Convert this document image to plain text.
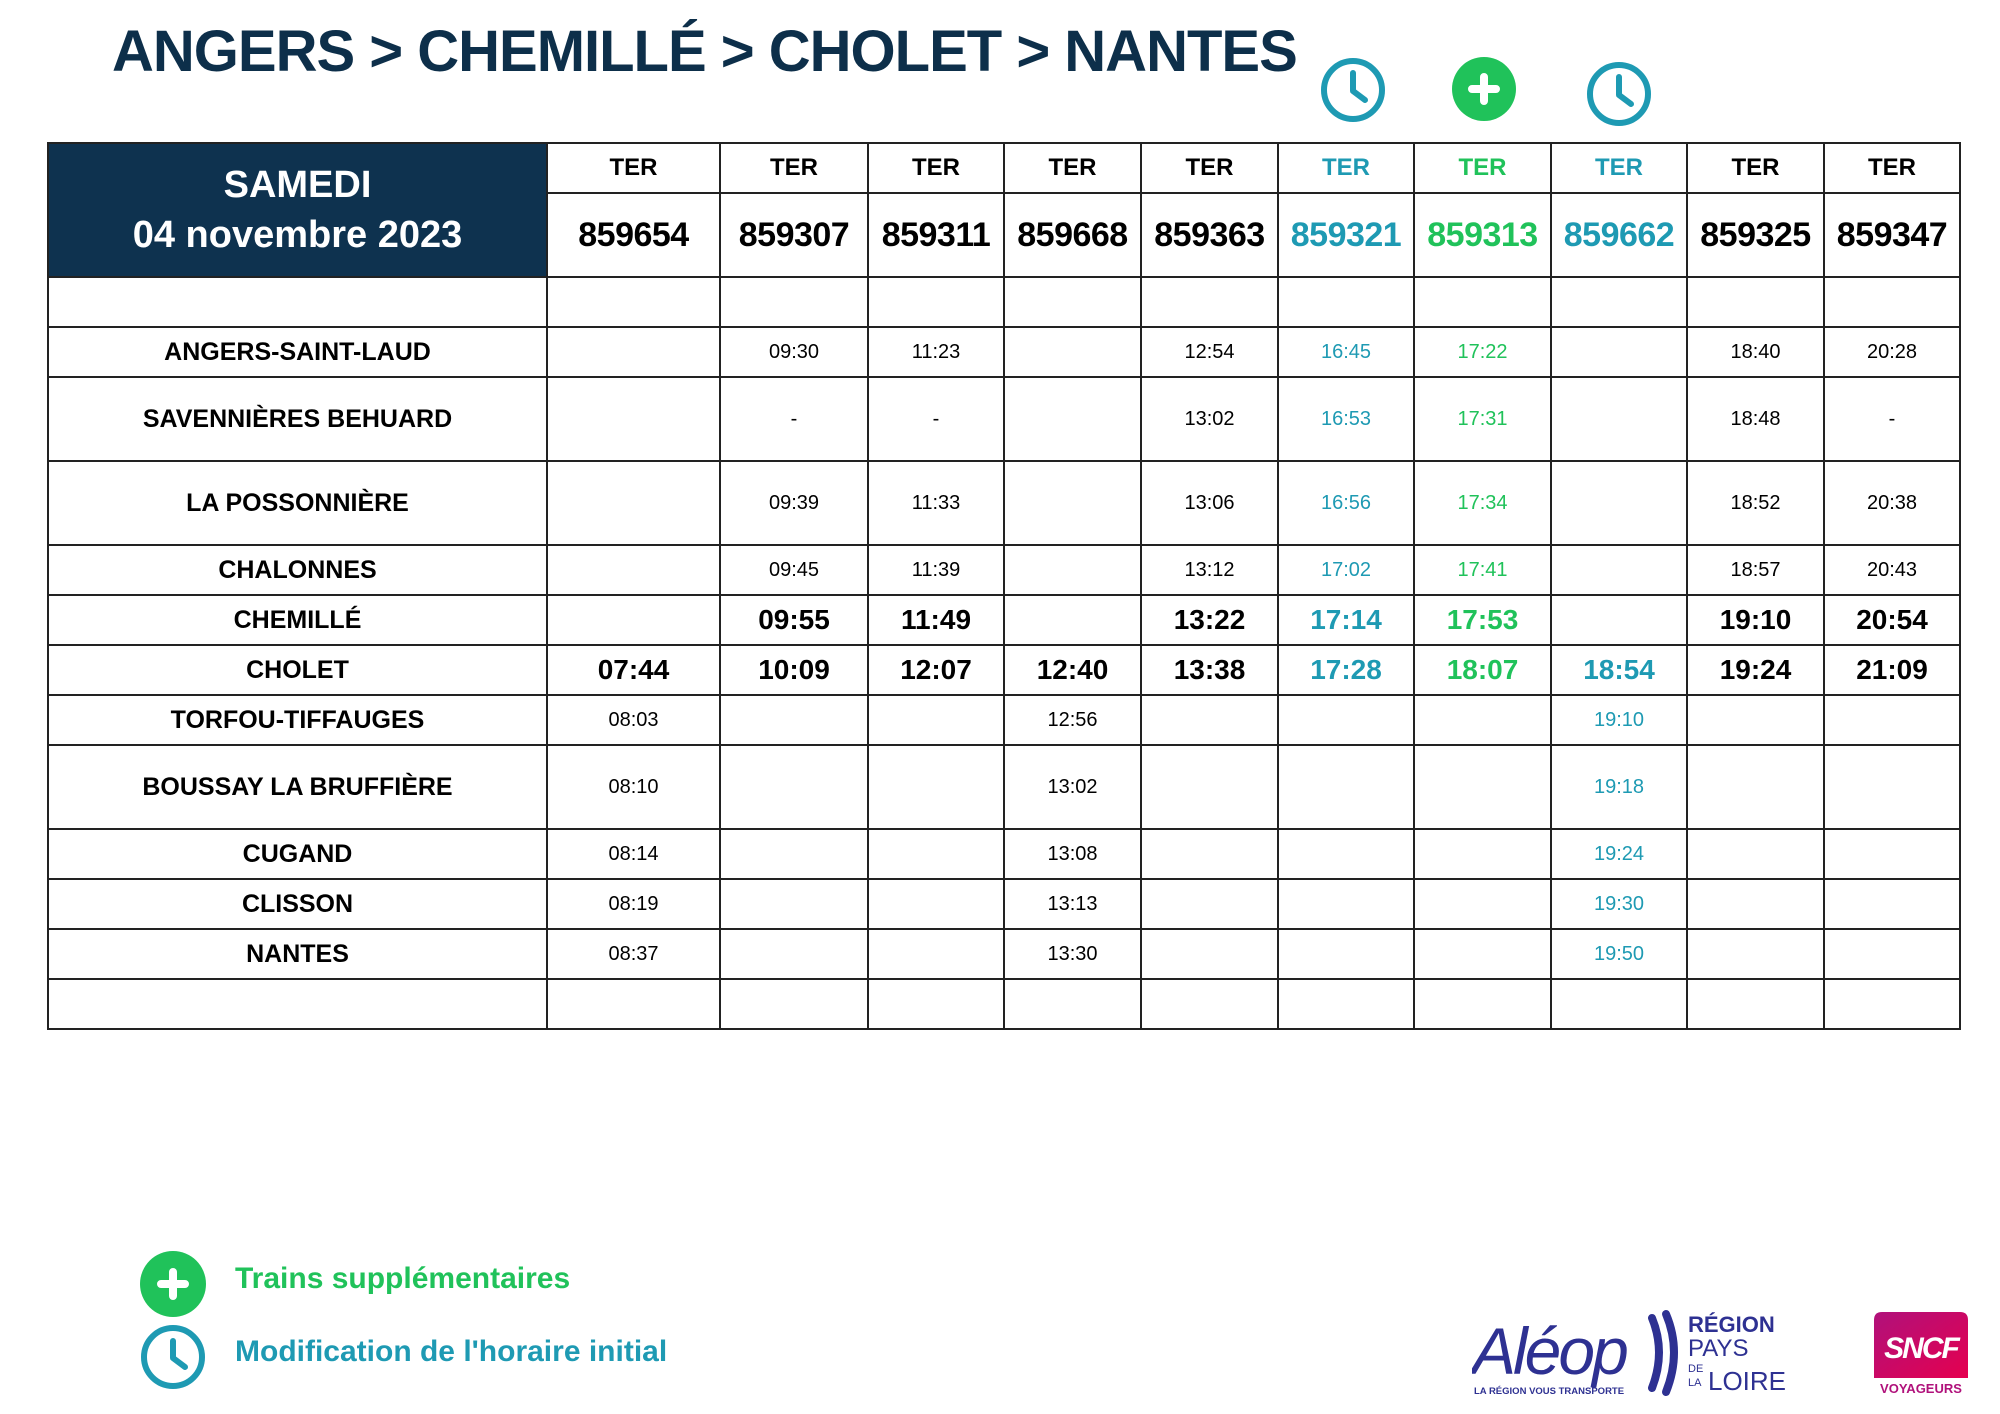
ANGERS > CHEMILLÉ > CHOLET > NANTES
SAMEDI
04 novembre 2023	TER	TER	TER	TER	TER	TER	TER	TER	TER	TER
	859654	859307	859311	859668	859363	859321	859313	859662	859325	859347

ANGERS-SAINT-LAUD		09:30	11:23		12:54	16:45	17:22		18:40	20:28
SAVENNIÈRES BEHUARD		-	-		13:02	16:53	17:31		18:48	-
LA POSSONNIÈRE		09:39	11:33		13:06	16:56	17:34		18:52	20:38
CHALONNES		09:45	11:39		13:12	17:02	17:41		18:57	20:43
CHEMILLÉ		09:55	11:49		13:22	17:14	17:53		19:10	20:54
CHOLET	07:44	10:09	12:07	12:40	13:38	17:28	18:07	18:54	19:24	21:09
TORFOU-TIFFAUGES	08:03			12:56				19:10		
BOUSSAY LA BRUFFIÈRE	08:10			13:02				19:18		
CUGAND	08:14			13:08				19:24		
CLISSON	08:19			13:13				19:30		
NANTES	08:37			13:30				19:50		

Trains supplémentaires
Modification de l'horaire initial	Aléop
LA RÉGION VOUS TRANSPORTE
RÉGION
PAYS
DE
LA LOIRE
SNCF
VOYAGEURS
